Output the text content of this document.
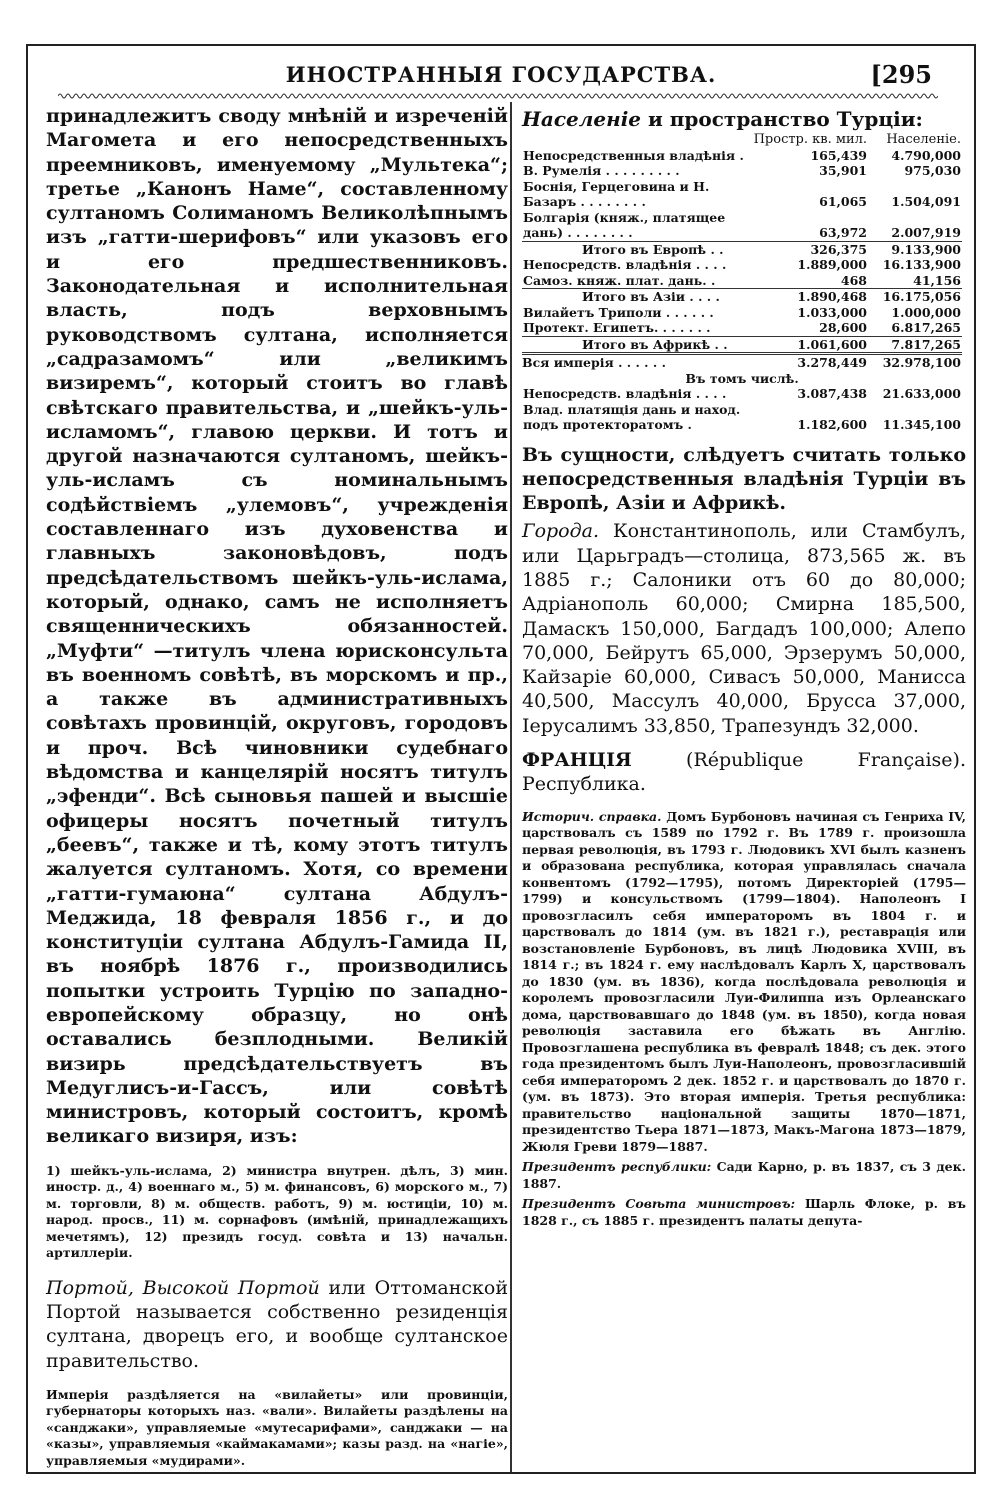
ИНОСТРАННЫЯ ГОСУДАРСТВА.	[295

принадлежитъ своду мнѣній и изреченій Магомета и его непосредственныхъ преемниковъ, именуемому „Мультека“; третье „Канонъ Наме“, составленному султаномъ Солиманомъ Великолѣпнымъ изъ „гатти-шерифовъ“ или указовъ его и его предшественниковъ. Законодательная и исполнительная власть, подъ верховнымъ руководствомъ султана, исполняется „садразамомъ“ или „великимъ визиремъ“, который стоитъ во главѣ свѣтскаго правительства, и „шейкъ-уль-исламомъ“, главою церкви. И тотъ и другой назначаются султаномъ, шейкъ-уль-исламъ съ номинальнымъ содѣйствіемъ „улемовъ“, учрежденія составленнаго изъ духовенства и главныхъ законовѣдовъ, подъ предсѣдательствомъ шейкъ-уль-ислама, который, однако, самъ не исполняетъ священническихъ обязанностей. „Муфти“ —титулъ члена юрисконсульта въ военномъ совѣтѣ, въ морскомъ и пр., а также въ административныхъ совѣтахъ провинцій, округовъ, городовъ и проч. Всѣ чиновники судебнаго вѣдомства и канцелярій носятъ титулъ „эфенди“. Всѣ сыновья пашей и высшіе офицеры носятъ почетный титулъ „беевъ“, также и тѣ, кому этотъ титулъ жалуется султаномъ. Хотя, со времени „гатти-гумаюна“ султана Абдулъ-Меджида, 18 февраля 1856 г., и до конституціи султана Абдулъ-Гамида II, въ ноябрѣ 1876 г., производились попытки устроить Турцію по западно-европейскому образцу, но онѣ оставались безплодными. Великій визирь предсѣдательствуетъ въ Медуглисъ-и-Гассъ, или совѣтѣ министровъ, который состоитъ, кромѣ великаго визиря, изъ:

1) шейкъ-уль-ислама, 2) министра внутрен. дѣлъ, 3) мин. иностр. д., 4) военнаго м., 5) м. финансовъ, 6) морского м., 7) м. торговли, 8) м. обществ. работъ, 9) м. юстиціи, 10) м. народ. просв., 11) м. сорнафовъ (имѣній, принадлежащихъ мечетямъ), 12) президъ госуд. совѣта и 13) начальн. артиллеріи.

Портой, Высокой Портой или Оттоманской Портой называется собственно резиденція султана, дворецъ его, и вообще султанское правительство.

Имперія раздѣляется на «вилайеты» или провинціи, губернаторы которыхъ наз. «вали». Вилайеты раздѣлены на «санджаки», управляемые «мутесарифами», санджаки — на «казы», управляемыя «каймакамами»; казы разд. на «нагіе», управляемыя «мудирами».

Населеніе и пространство Турціи:

	Простр. кв. мил.	Населеніе.
Непосредственныя владѣнія .	165,439	4.790,000
В. Румелія . . . . . . . . .	35,901	975,030
Боснія, Герцеговина и Н. Базаръ . . . . . . . .	61,065	1.504,091
Болгарія (княж., платящее дань) . . . . . . . .	63,972	2.007,919
Итого въ Европѣ . .	326,375	9.133,900
Непосредств. владѣнія . . . .	1.889,000	16.133,900
Самоз. княж. плат. дань. .	468	41,156
Итого въ Азіи . . . .	1.890,468	16.175,056
Вилайетъ Триполи . . . . . .	1.033,000	1.000,000
Протект. Египетъ. . . . . . .	28,600	6.817,265
Итого въ Африкѣ . .	1.061,600	7.817,265
Вся имперія . . . . . .	3.278,449	32.978,100
Въ томъ числѣ.		
Непосредств. владѣнія . . . .	3.087,438	21.633,000
Влад. платящія дань и наход. подъ протекторатомъ .	1.182,600	11.345,100

Въ сущности, слѣдуетъ считать только непосредственныя владѣнія Турціи въ Европѣ, Азіи и Африкѣ.

Города. Константинополь, или Стамбулъ, или Царьградъ—столица, 873,565 ж. въ 1885 г.; Салоники отъ 60 до 80,000; Адріанополь 60,000; Смирна 185,500, Дамаскъ 150,000, Багдадъ 100,000; Алепо 70,000, Бейрутъ 65,000, Эрзерумъ 50,000, Кайзаріе 60,000, Сивасъ 50,000, Манисса 40,500, Массулъ 40,000, Бруссa 37,000, Іерусалимъ 33,850, Трапезундъ 32,000.

ФРАНЦІЯ (République Française). Республика.

Историч. справка. Домъ Бурбоновъ начиная съ Генриха IV, царствовалъ съ 1589 по 1792 г. Въ 1789 г. произошла первая революція, въ 1793 г. Людовикъ XVI былъ казненъ и образована республика, которая управлялась сначала конвентомъ (1792—1795), потомъ Директоріей (1795—1799) и консульствомъ (1799—1804). Наполеонъ I провозгласилъ себя императоромъ въ 1804 г. и царствовалъ до 1814 (ум. въ 1821 г.), реставрація или возстановленіе Бурбоновъ, въ лицѣ Людовика XVIII, въ 1814 г.; въ 1824 г. ему наслѣдовалъ Карлъ X, царствовалъ до 1830 (ум. въ 1836), когда послѣдовала революція и королемъ провозгласили Луи-Филиппа изъ Орлеанскаго дома, царствовавшаго до 1848 (ум. въ 1850), когда новая революція заставила его бѣжать въ Англію. Провозглашена республика въ февралѣ 1848; съ дек. этого года президентомъ былъ Луи-Наполеонъ, провозгласившій себя императоромъ 2 дек. 1852 г. и царствовалъ до 1870 г. (ум. въ 1873). Это вторая имперія. Третья республика: правительство національной защиты 1870—1871, президентство Тьера 1871—1873, Макъ-Магона 1873—1879, Жюля Греви 1879—1887.

Президентъ республики: Сади Карно, р. въ 1837, съ 3 дек. 1887.

Президентъ Совѣта министровъ: Шарль Флоке, р. въ 1828 г., съ 1885 г. президентъ палаты депута-
